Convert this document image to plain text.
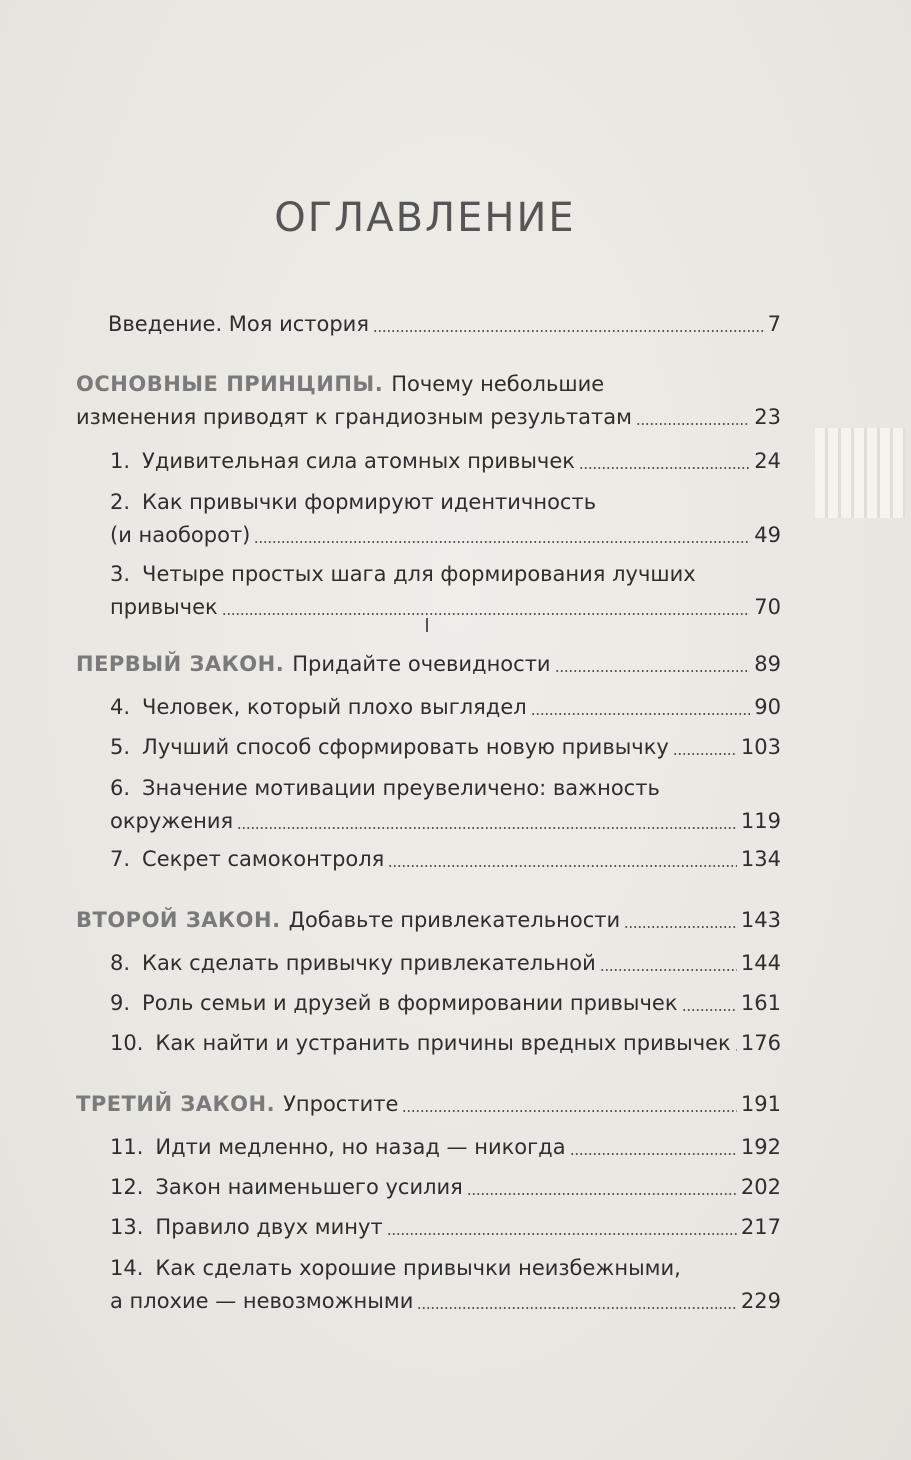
ОГЛАВЛЕНИЕ
Введение. Моя история	7
ОСНОВНЫЕ ПРИНЦИПЫ. Почему небольшие
изменения приводят к грандиозным результатам	23
1. Удивительная сила атомных привычек	24
2. Как привычки формируют идентичность
(и наоборот)	49
3. Четыре простых шага для формирования лучших
привычек	70
ПЕРВЫЙ ЗАКОН. Придайте очевидности	89
4. Человек, который плохо выглядел	90
5. Лучший способ сформировать новую привычку	103
6. Значение мотивации преувеличено: важность
окружения	119
7. Секрет самоконтроля	134
ВТОРОЙ ЗАКОН. Добавьте привлекательности	143
8. Как сделать привычку привлекательной	144
9. Роль семьи и друзей в формировании привычек	161
10. Как найти и устранить причины вредных привычек 176
ТРЕТИЙ ЗАКОН. Упростите	191
11. Идти медленно, но назад — никогда	192
12. Закон наименьшего усилия	202
13. Правило двух минут	217
14. Как сделать хорошие привычки неизбежными,
а плохие — невозможными	229
